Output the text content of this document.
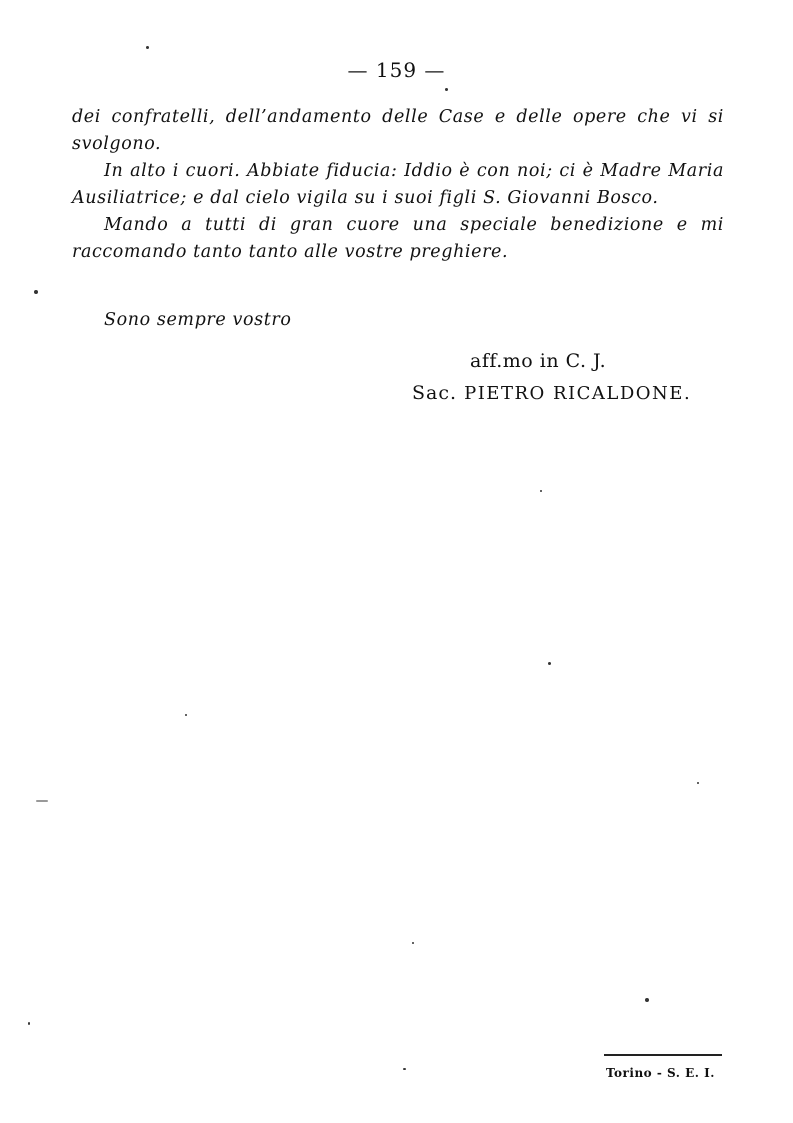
— 159 —

dei confratelli, dell’andamento delle Case e delle opere che vi si svolgono.

In alto i cuori. Abbiate fiducia: Iddio è con noi; ci è Madre Maria Ausiliatrice; e dal cielo vigila su i suoi figli S. Giovanni Bosco.

Mando a tutti di gran cuore una speciale benedizione e mi raccomando tanto tanto alle vostre preghiere.

Sono sempre vostro
aff.mo in C. J.
Sac. PIETRO RICALDONE.
Torino - S. E. I.
